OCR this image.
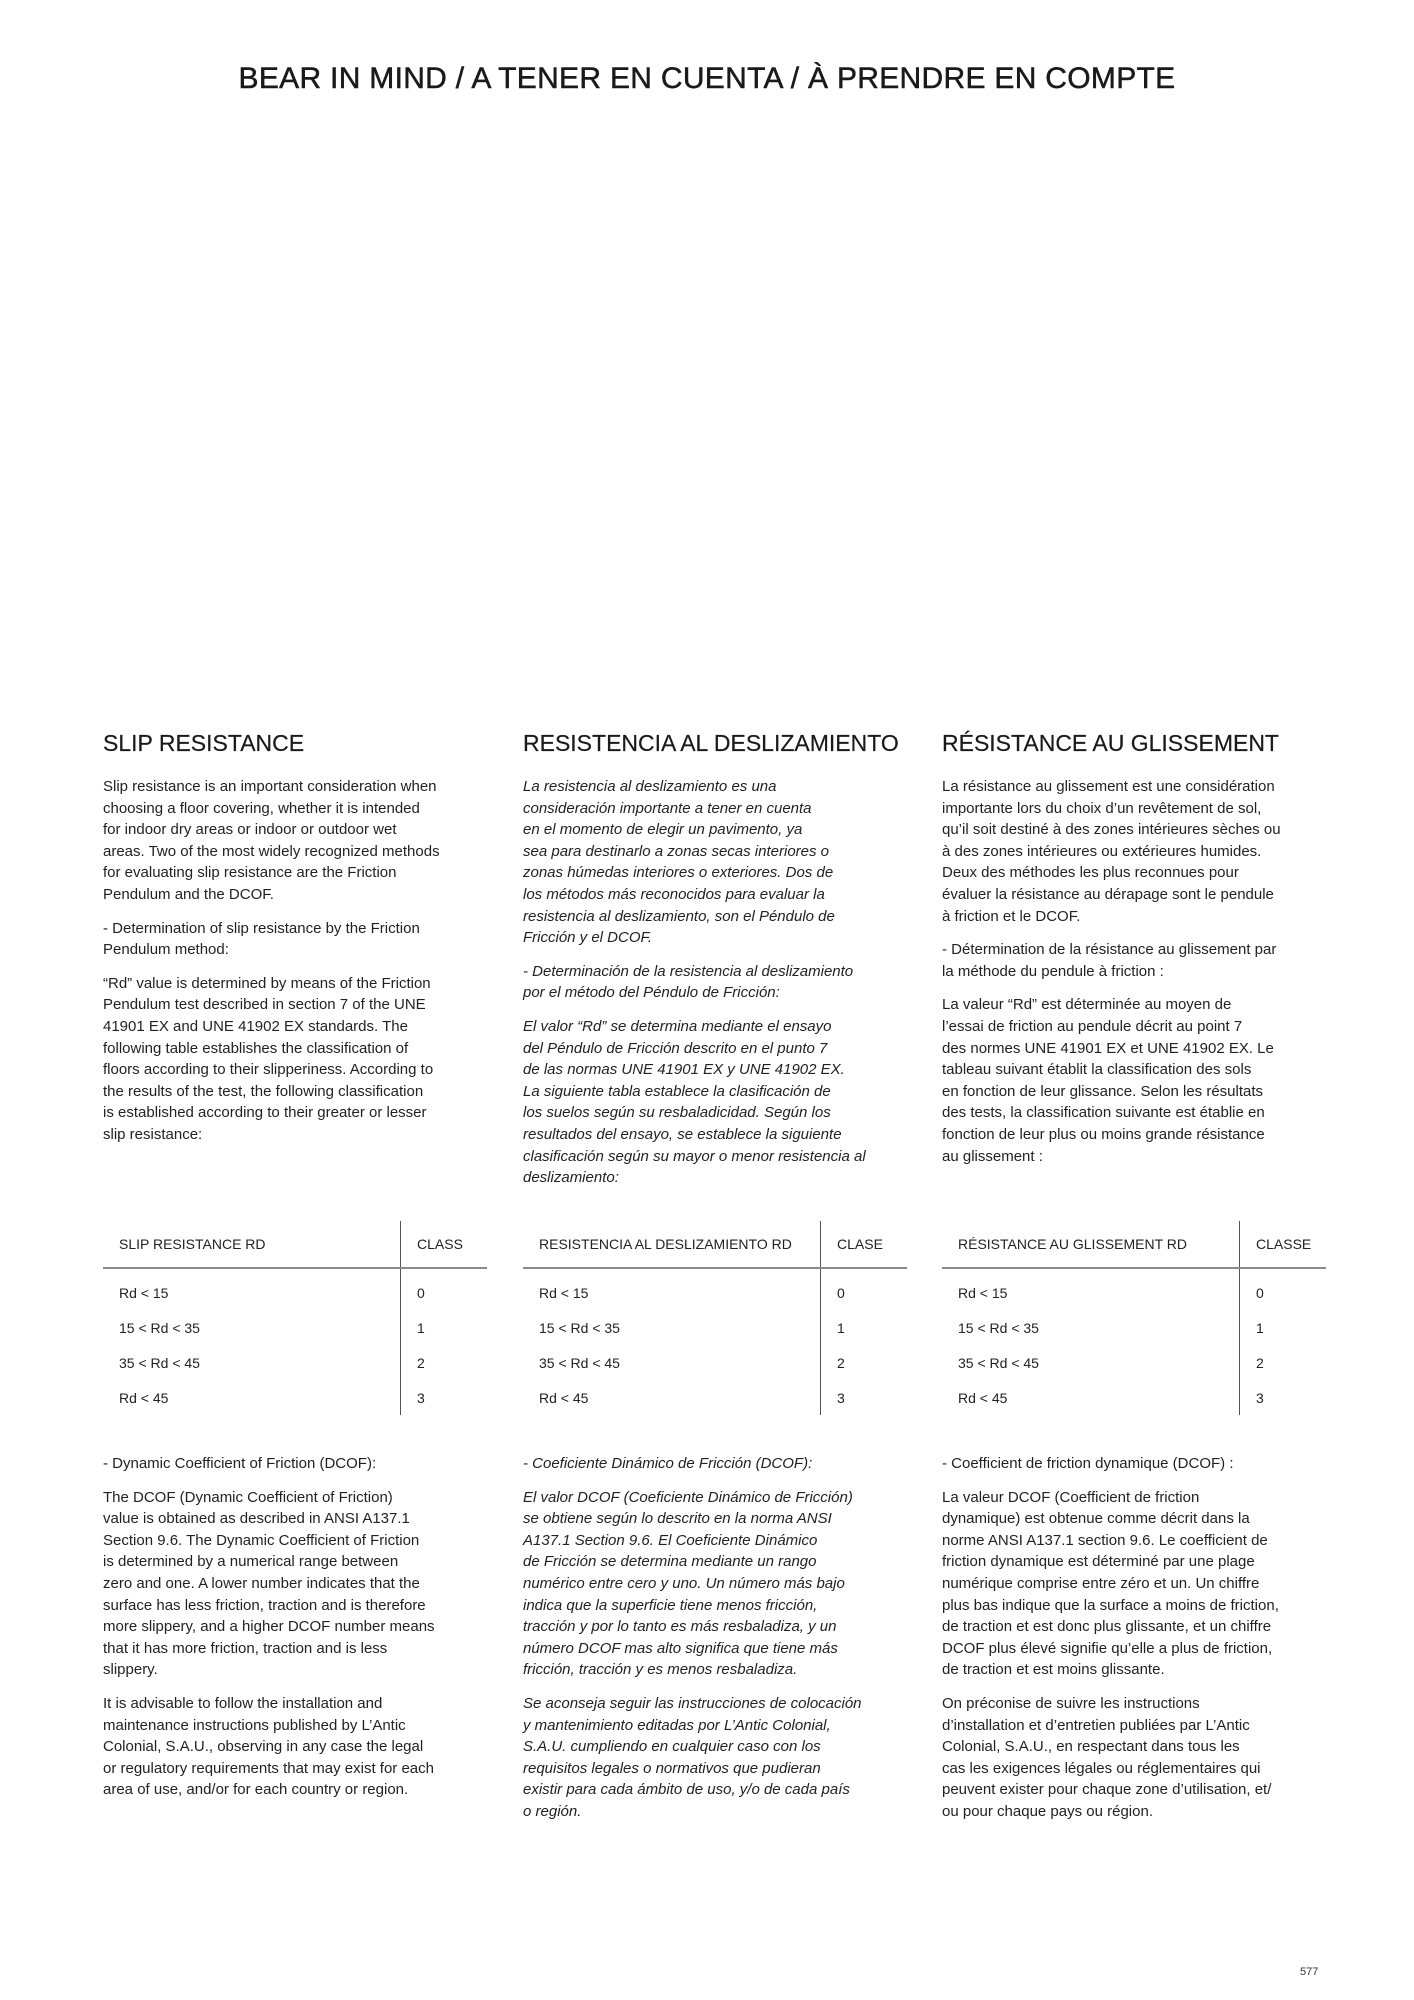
BEAR IN MIND / A TENER EN CUENTA / À PRENDRE EN COMPTE
SLIP RESISTANCE

Slip resistance is an important consideration when
choosing a floor covering, whether it is intended
for indoor dry areas or indoor or outdoor wet
areas. Two of the most widely recognized methods
for evaluating slip resistance are the Friction
Pendulum and the DCOF.

- Determination of slip resistance by the Friction
Pendulum method:

“Rd” value is determined by means of the Friction
Pendulum test described in section 7 of the UNE
41901 EX and UNE 41902 EX standards. The
following table establishes the classification of
floors according to their slipperiness. According to
the results of the test, the following classification
is established according to their greater or lesser
slip resistance:

SLIP RESISTANCE RD	CLASS
Rd < 15	0
15 < Rd < 35	1
35 < Rd < 45	2
Rd < 45	3

- Dynamic Coefficient of Friction (DCOF):

The DCOF (Dynamic Coefficient of Friction)
value is obtained as described in ANSI A137.1
Section 9.6. The Dynamic Coefficient of Friction
is determined by a numerical range between
zero and one. A lower number indicates that the
surface has less friction, traction and is therefore
more slippery, and a higher DCOF number means
that it has more friction, traction and is less
slippery.

It is advisable to follow the installation and
maintenance instructions published by L’Antic
Colonial, S.A.U., observing in any case the legal
or regulatory requirements that may exist for each
area of use, and/or for each country or region.

RESISTENCIA AL DESLIZAMIENTO

La resistencia al deslizamiento es una
consideración importante a tener en cuenta
en el momento de elegir un pavimento, ya
sea para destinarlo a zonas secas interiores o
zonas húmedas interiores o exteriores. Dos de
los métodos más reconocidos para evaluar la
resistencia al deslizamiento, son el Péndulo de
Fricción y el DCOF.

- Determinación de la resistencia al deslizamiento
por el método del Péndulo de Fricción:

El valor “Rd” se determina mediante el ensayo
del Péndulo de Fricción descrito en el punto 7
de las normas UNE 41901 EX y UNE 41902 EX.
La siguiente tabla establece la clasificación de
los suelos según su resbaladicidad. Según los
resultados del ensayo, se establece la siguiente
clasificación según su mayor o menor resistencia al
deslizamiento:

RESISTENCIA AL DESLIZAMIENTO RD	CLASE
Rd < 15	0
15 < Rd < 35	1
35 < Rd < 45	2
Rd < 45	3

- Coeficiente Dinámico de Fricción (DCOF):

El valor DCOF (Coeficiente Dinámico de Fricción)
se obtiene según lo descrito en la norma ANSI
A137.1 Section 9.6. El Coeficiente Dinámico
de Fricción se determina mediante un rango
numérico entre cero y uno. Un número más bajo
indica que la superficie tiene menos fricción,
tracción y por lo tanto es más resbaladiza, y un
número DCOF mas alto significa que tiene más
fricción, tracción y es menos resbaladiza.

Se aconseja seguir las instrucciones de colocación
y mantenimiento editadas por L’Antic Colonial,
S.A.U. cumpliendo en cualquier caso con los
requisitos legales o normativos que pudieran
existir para cada ámbito de uso, y/o de cada país
o región.

RÉSISTANCE AU GLISSEMENT

La résistance au glissement est une considération
importante lors du choix d’un revêtement de sol,
qu’il soit destiné à des zones intérieures sèches ou
à des zones intérieures ou extérieures humides.
Deux des méthodes les plus reconnues pour
évaluer la résistance au dérapage sont le pendule
à friction et le DCOF.

- Détermination de la résistance au glissement par
la méthode du pendule à friction :

La valeur “Rd” est déterminée au moyen de
l’essai de friction au pendule décrit au point 7
des normes UNE 41901 EX et UNE 41902 EX. Le
tableau suivant établit la classification des sols
en fonction de leur glissance. Selon les résultats
des tests, la classification suivante est établie en
fonction de leur plus ou moins grande résistance
au glissement :

RÉSISTANCE AU GLISSEMENT RD	CLASSE
Rd < 15	0
15 < Rd < 35	1
35 < Rd < 45	2
Rd < 45	3

- Coefficient de friction dynamique (DCOF) :

La valeur DCOF (Coefficient de friction
dynamique) est obtenue comme décrit dans la
norme ANSI A137.1 section 9.6. Le coefficient de
friction dynamique est déterminé par une plage
numérique comprise entre zéro et un. Un chiffre
plus bas indique que la surface a moins de friction,
de traction et est donc plus glissante, et un chiffre
DCOF plus élevé signifie qu’elle a plus de friction,
de traction et est moins glissante.

On préconise de suivre les instructions
d’installation et d’entretien publiées par L’Antic
Colonial, S.A.U., en respectant dans tous les
cas les exigences légales ou réglementaires qui
peuvent exister pour chaque zone d’utilisation, et/
ou pour chaque pays ou région.

577
